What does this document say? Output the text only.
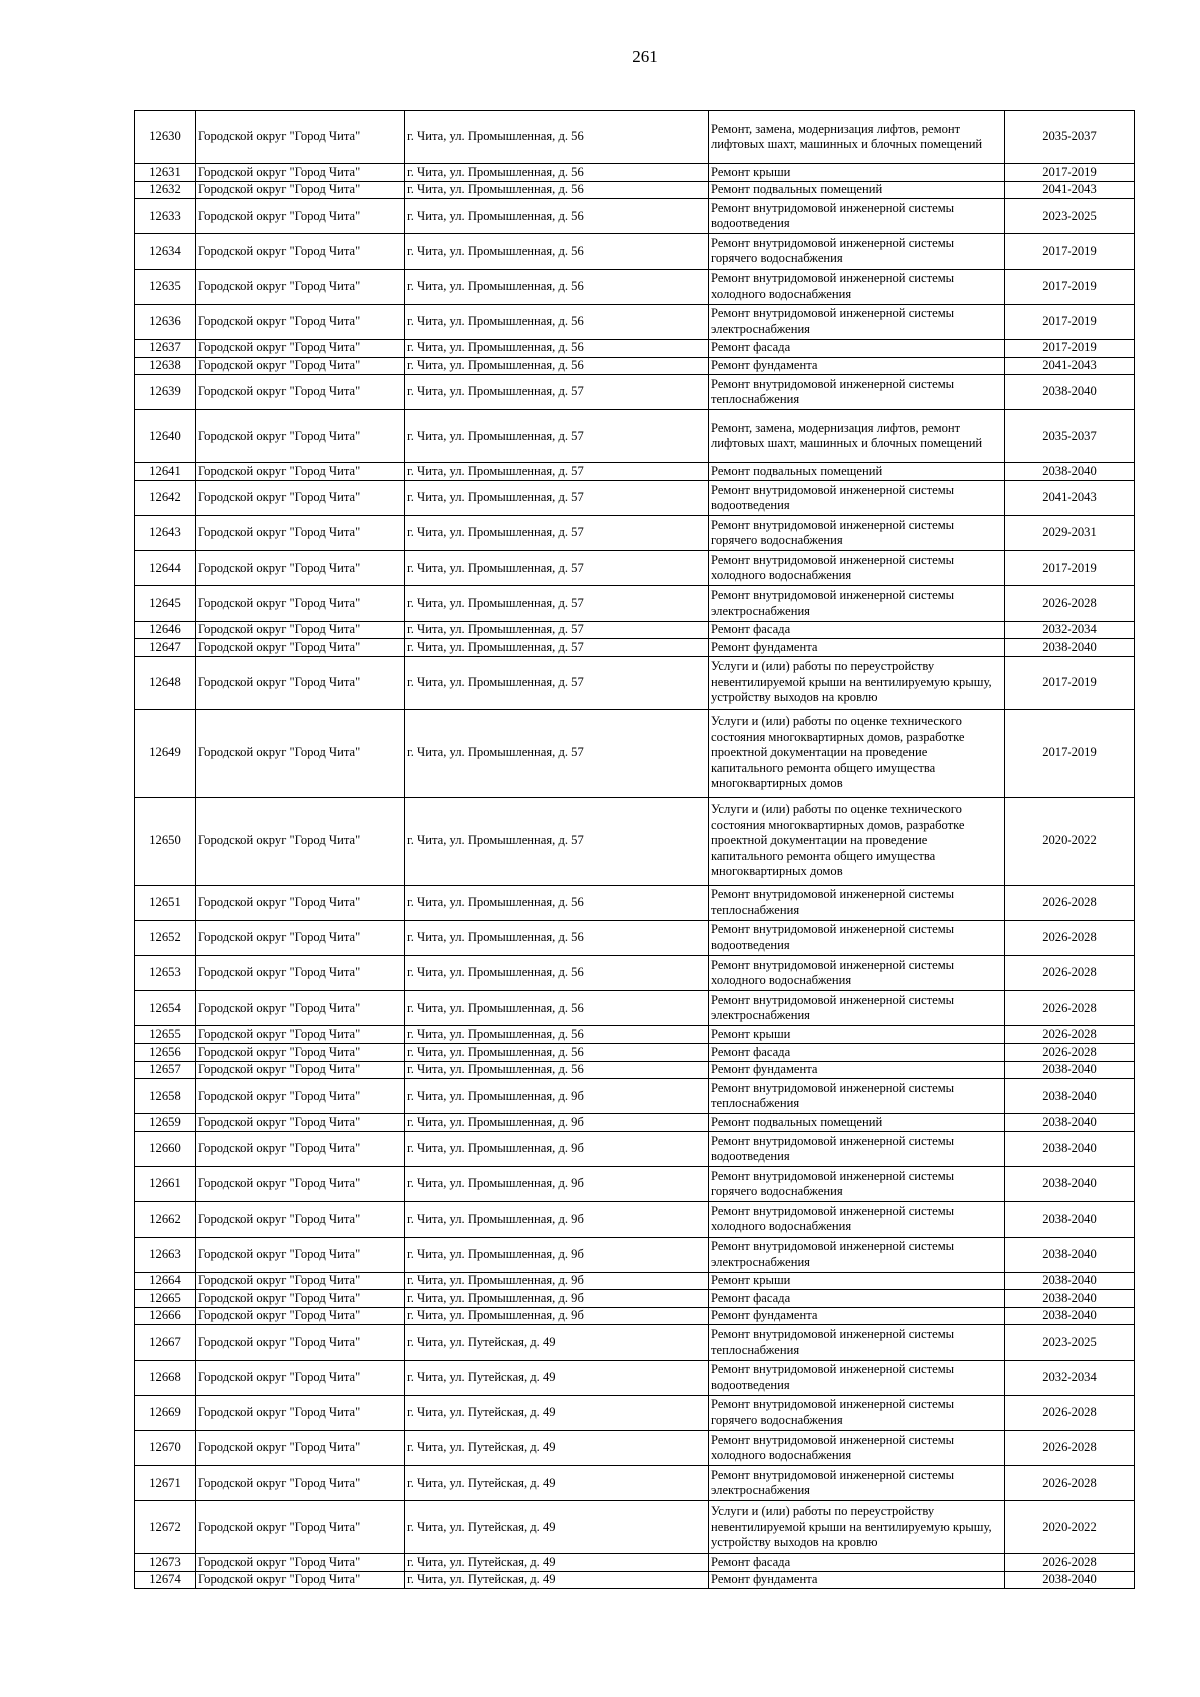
261
12630	Городской округ "Город Чита"	г. Чита, ул. Промышленная, д. 56	Ремонт, замена, модернизация лифтов, ремонт лифтовых шахт, машинных и блочных помещений	2035-2037
12631	Городской округ "Город Чита"	г. Чита, ул. Промышленная, д. 56	Ремонт крыши	2017-2019
12632	Городской округ "Город Чита"	г. Чита, ул. Промышленная, д. 56	Ремонт подвальных помещений	2041-2043
12633	Городской округ "Город Чита"	г. Чита, ул. Промышленная, д. 56	Ремонт внутридомовой инженерной системы водоотведения	2023-2025
12634	Городской округ "Город Чита"	г. Чита, ул. Промышленная, д. 56	Ремонт внутридомовой инженерной системы горячего водоснабжения	2017-2019
12635	Городской округ "Город Чита"	г. Чита, ул. Промышленная, д. 56	Ремонт внутридомовой инженерной системы холодного водоснабжения	2017-2019
12636	Городской округ "Город Чита"	г. Чита, ул. Промышленная, д. 56	Ремонт внутридомовой инженерной системы электроснабжения	2017-2019
12637	Городской округ "Город Чита"	г. Чита, ул. Промышленная, д. 56	Ремонт фасада	2017-2019
12638	Городской округ "Город Чита"	г. Чита, ул. Промышленная, д. 56	Ремонт фундамента	2041-2043
12639	Городской округ "Город Чита"	г. Чита, ул. Промышленная, д. 57	Ремонт внутридомовой инженерной системы теплоснабжения	2038-2040
12640	Городской округ "Город Чита"	г. Чита, ул. Промышленная, д. 57	Ремонт, замена, модернизация лифтов, ремонт лифтовых шахт, машинных и блочных помещений	2035-2037
12641	Городской округ "Город Чита"	г. Чита, ул. Промышленная, д. 57	Ремонт подвальных помещений	2038-2040
12642	Городской округ "Город Чита"	г. Чита, ул. Промышленная, д. 57	Ремонт внутридомовой инженерной системы водоотведения	2041-2043
12643	Городской округ "Город Чита"	г. Чита, ул. Промышленная, д. 57	Ремонт внутридомовой инженерной системы горячего водоснабжения	2029-2031
12644	Городской округ "Город Чита"	г. Чита, ул. Промышленная, д. 57	Ремонт внутридомовой инженерной системы холодного водоснабжения	2017-2019
12645	Городской округ "Город Чита"	г. Чита, ул. Промышленная, д. 57	Ремонт внутридомовой инженерной системы электроснабжения	2026-2028
12646	Городской округ "Город Чита"	г. Чита, ул. Промышленная, д. 57	Ремонт фасада	2032-2034
12647	Городской округ "Город Чита"	г. Чита, ул. Промышленная, д. 57	Ремонт фундамента	2038-2040
12648	Городской округ "Город Чита"	г. Чита, ул. Промышленная, д. 57	Услуги и (или) работы по переустройству невентилируемой крыши на вентилируемую крышу, устройству выходов на кровлю	2017-2019
12649	Городской округ "Город Чита"	г. Чита, ул. Промышленная, д. 57	Услуги и (или) работы по оценке технического состояния многоквартирных домов, разработке проектной документации на проведение капитального ремонта общего имущества многоквартирных домов	2017-2019
12650	Городской округ "Город Чита"	г. Чита, ул. Промышленная, д. 57	Услуги и (или) работы по оценке технического состояния многоквартирных домов, разработке проектной документации на проведение капитального ремонта общего имущества многоквартирных домов	2020-2022
12651	Городской округ "Город Чита"	г. Чита, ул. Промышленная, д. 56	Ремонт внутридомовой инженерной системы теплоснабжения	2026-2028
12652	Городской округ "Город Чита"	г. Чита, ул. Промышленная, д. 56	Ремонт внутридомовой инженерной системы водоотведения	2026-2028
12653	Городской округ "Город Чита"	г. Чита, ул. Промышленная, д. 56	Ремонт внутридомовой инженерной системы холодного водоснабжения	2026-2028
12654	Городской округ "Город Чита"	г. Чита, ул. Промышленная, д. 56	Ремонт внутридомовой инженерной системы электроснабжения	2026-2028
12655	Городской округ "Город Чита"	г. Чита, ул. Промышленная, д. 56	Ремонт крыши	2026-2028
12656	Городской округ "Город Чита"	г. Чита, ул. Промышленная, д. 56	Ремонт фасада	2026-2028
12657	Городской округ "Город Чита"	г. Чита, ул. Промышленная, д. 56	Ремонт фундамента	2038-2040
12658	Городской округ "Город Чита"	г. Чита, ул. Промышленная, д. 9б	Ремонт внутридомовой инженерной системы теплоснабжения	2038-2040
12659	Городской округ "Город Чита"	г. Чита, ул. Промышленная, д. 9б	Ремонт подвальных помещений	2038-2040
12660	Городской округ "Город Чита"	г. Чита, ул. Промышленная, д. 9б	Ремонт внутридомовой инженерной системы водоотведения	2038-2040
12661	Городской округ "Город Чита"	г. Чита, ул. Промышленная, д. 9б	Ремонт внутридомовой инженерной системы горячего водоснабжения	2038-2040
12662	Городской округ "Город Чита"	г. Чита, ул. Промышленная, д. 9б	Ремонт внутридомовой инженерной системы холодного водоснабжения	2038-2040
12663	Городской округ "Город Чита"	г. Чита, ул. Промышленная, д. 9б	Ремонт внутридомовой инженерной системы электроснабжения	2038-2040
12664	Городской округ "Город Чита"	г. Чита, ул. Промышленная, д. 9б	Ремонт крыши	2038-2040
12665	Городской округ "Город Чита"	г. Чита, ул. Промышленная, д. 9б	Ремонт фасада	2038-2040
12666	Городской округ "Город Чита"	г. Чита, ул. Промышленная, д. 9б	Ремонт фундамента	2038-2040
12667	Городской округ "Город Чита"	г. Чита, ул. Путейская, д. 49	Ремонт внутридомовой инженерной системы теплоснабжения	2023-2025
12668	Городской округ "Город Чита"	г. Чита, ул. Путейская, д. 49	Ремонт внутридомовой инженерной системы водоотведения	2032-2034
12669	Городской округ "Город Чита"	г. Чита, ул. Путейская, д. 49	Ремонт внутридомовой инженерной системы горячего водоснабжения	2026-2028
12670	Городской округ "Город Чита"	г. Чита, ул. Путейская, д. 49	Ремонт внутридомовой инженерной системы холодного водоснабжения	2026-2028
12671	Городской округ "Город Чита"	г. Чита, ул. Путейская, д. 49	Ремонт внутридомовой инженерной системы электроснабжения	2026-2028
12672	Городской округ "Город Чита"	г. Чита, ул. Путейская, д. 49	Услуги и (или) работы по переустройству невентилируемой крыши на вентилируемую крышу, устройству выходов на кровлю	2020-2022
12673	Городской округ "Город Чита"	г. Чита, ул. Путейская, д. 49	Ремонт фасада	2026-2028
12674	Городской округ "Город Чита"	г. Чита, ул. Путейская, д. 49	Ремонт фундамента	2038-2040
